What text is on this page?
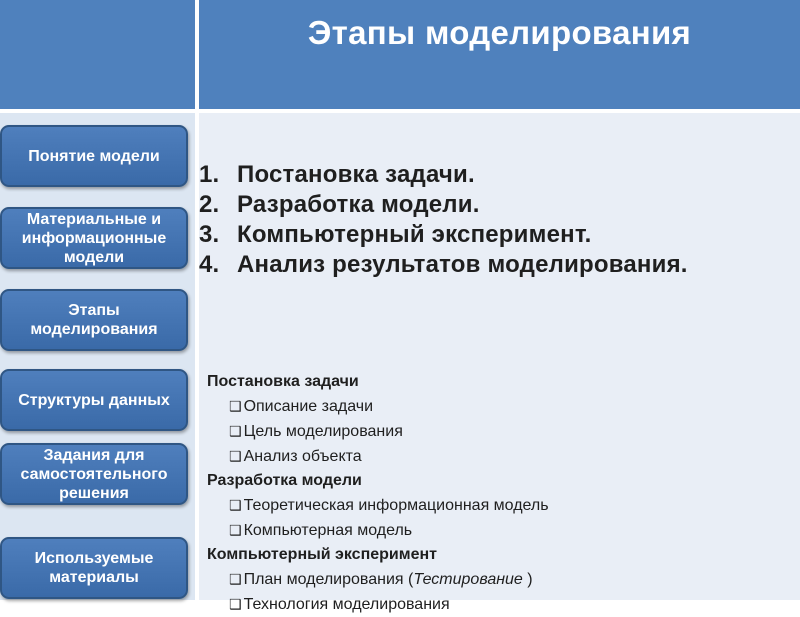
Этапы моделирования
Понятие модели
Материальные и информационные модели
Этапы моделирования
Структуры данных
Задания для самостоятельного решения
Используемые материалы
1. Постановка задачи.
2. Разработка модели.
3. Компьютерный эксперимент.
4. Анализ результатов моделирования.
Постановка задачи
❑ Описание задачи
❑ Цель моделирования
❑ Анализ объекта
Разработка модели
❑ Теоретическая информационная модель
❑ Компьютерная модель
Компьютерный эксперимент
❑ План моделирования (Тестирование )
❑ Технология моделирования
